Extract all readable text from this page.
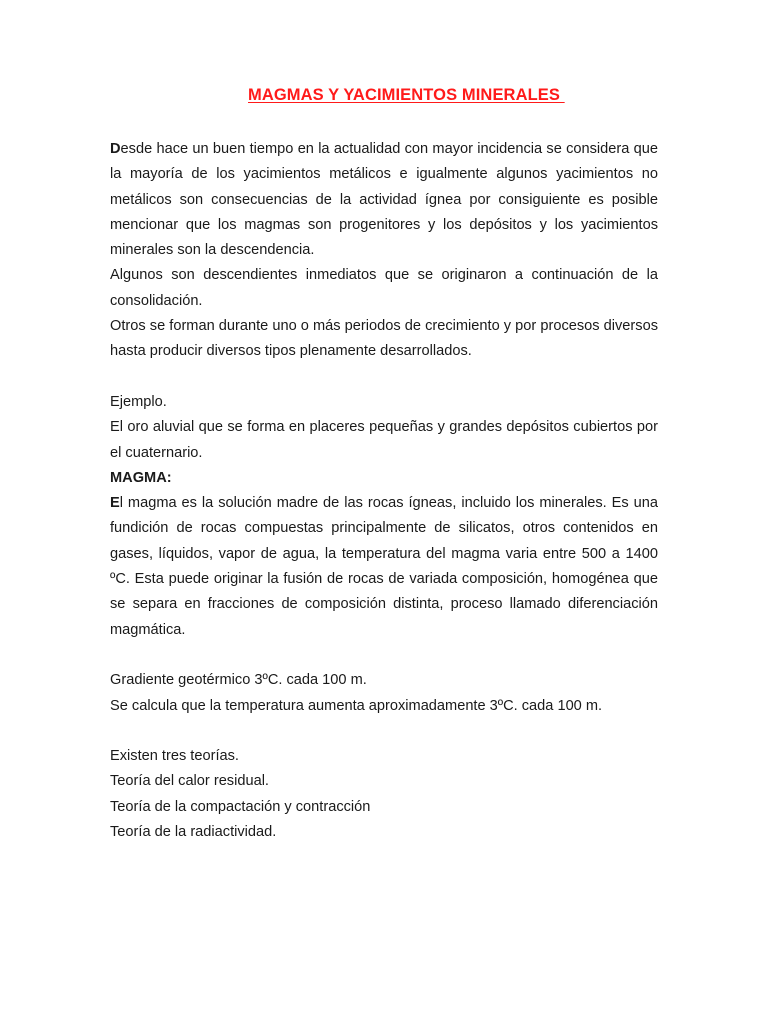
MAGMAS Y YACIMIENTOS MINERALES

Desde hace un buen tiempo en la actualidad con mayor incidencia se considera que la mayoría de los yacimientos metálicos e igualmente algunos yacimientos no metálicos son consecuencias de la actividad ígnea por consiguiente es posible mencionar que los magmas son progenitores y los depósitos y los yacimientos minerales son la descendencia.

Algunos son descendientes inmediatos que se originaron a continuación de la consolidación.

Otros se forman durante uno o más periodos de crecimiento y por procesos diversos hasta producir diversos tipos plenamente desarrollados.

Ejemplo.

El oro aluvial que se forma en placeres pequeñas y grandes depósitos cubiertos por el cuaternario.

MAGMA:

El magma es la solución madre de las rocas ígneas, incluido los minerales. Es una fundición de rocas compuestas principalmente de silicatos, otros contenidos en gases, líquidos, vapor de agua, la temperatura del magma varia entre 500 a 1400 ºC. Esta puede originar la fusión de rocas de variada composición, homogénea que se separa en fracciones de composición distinta, proceso llamado diferenciación magmática.

Gradiente geotérmico 3ºC. cada 100 m.

Se calcula que la temperatura aumenta aproximadamente 3ºC. cada 100 m.

Existen tres teorías.

Teoría del calor residual.

Teoría de la compactación y contracción

Teoría de la radiactividad.
